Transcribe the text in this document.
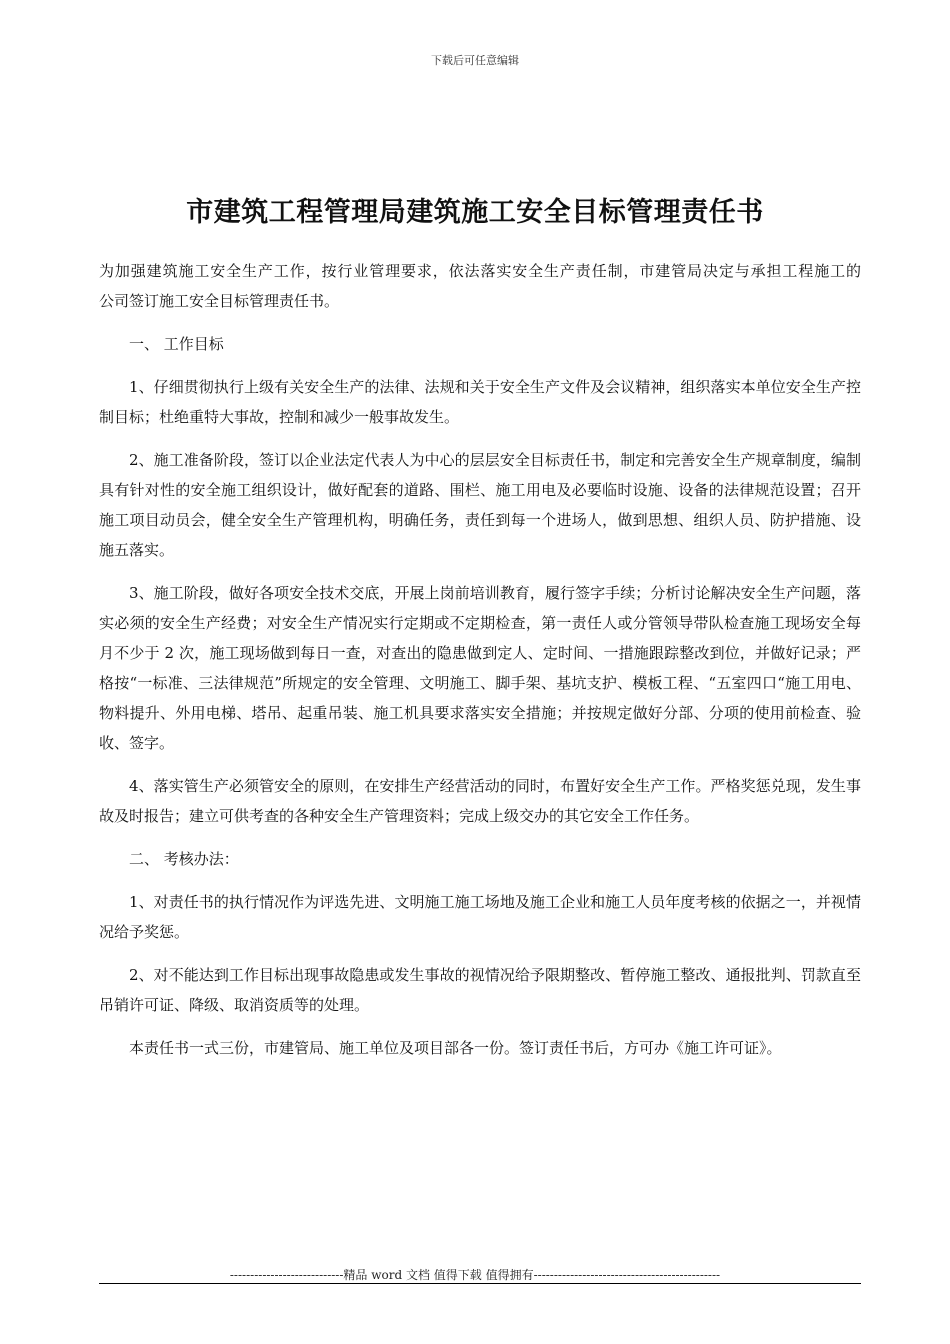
下载后可任意编辑
市建筑工程管理局建筑施工安全目标管理责任书

为加强建筑施工安全生产工作，按行业管理要求，依法落实安全生产责任制，市建管局决定与承担工程施工的　　公司签订施工安全目标管理责任书。

一、 工作目标

1、仔细贯彻执行上级有关安全生产的法律、法规和关于安全生产文件及会议精神，组织落实本单位安全生产控制目标；杜绝重特大事故，控制和减少一般事故发生。

2、施工准备阶段，签订以企业法定代表人为中心的层层安全目标责任书，制定和完善安全生产规章制度，编制具有针对性的安全施工组织设计，做好配套的道路、围栏、施工用电及必要临时设施、设备的法律规范设置；召开施工项目动员会，健全安全生产管理机构，明确任务，责任到每一个进场人，做到思想、组织人员、防护措施、设施五落实。

3、施工阶段，做好各项安全技术交底，开展上岗前培训教育，履行签字手续；分析讨论解决安全生产问题，落实必须的安全生产经费；对安全生产情况实行定期或不定期检查，第一责任人或分管领导带队检查施工现场安全每月不少于 2 次，施工现场做到每日一查，对查出的隐患做到定人、定时间、一措施跟踪整改到位，并做好记录；严格按“一标准、三法律规范”所规定的安全管理、文明施工、脚手架、基坑支护、模板工程、“五室四口“施工用电、物料提升、外用电梯、塔吊、起重吊装、施工机具要求落实安全措施；并按规定做好分部、分项的使用前检查、验收、签字。

4、落实管生产必须管安全的原则，在安排生产经营活动的同时，布置好安全生产工作。严格奖惩兑现，发生事故及时报告；建立可供考查的各种安全生产管理资料；完成上级交办的其它安全工作任务。

二、 考核办法：

1、对责任书的执行情况作为评选先进、文明施工施工场地及施工企业和施工人员年度考核的依据之一，并视情况给予奖惩。

2、对不能达到工作目标出现事故隐患或发生事故的视情况给予限期整改、暂停施工整改、通报批判、罚款直至吊销许可证、降级、取消资质等的处理。

本责任书一式三份，市建管局、施工单位及项目部各一份。签订责任书后，方可办《施工许可证》。

----------------------------精品 word 文档 值得下载 值得拥有----------------------------------------------
